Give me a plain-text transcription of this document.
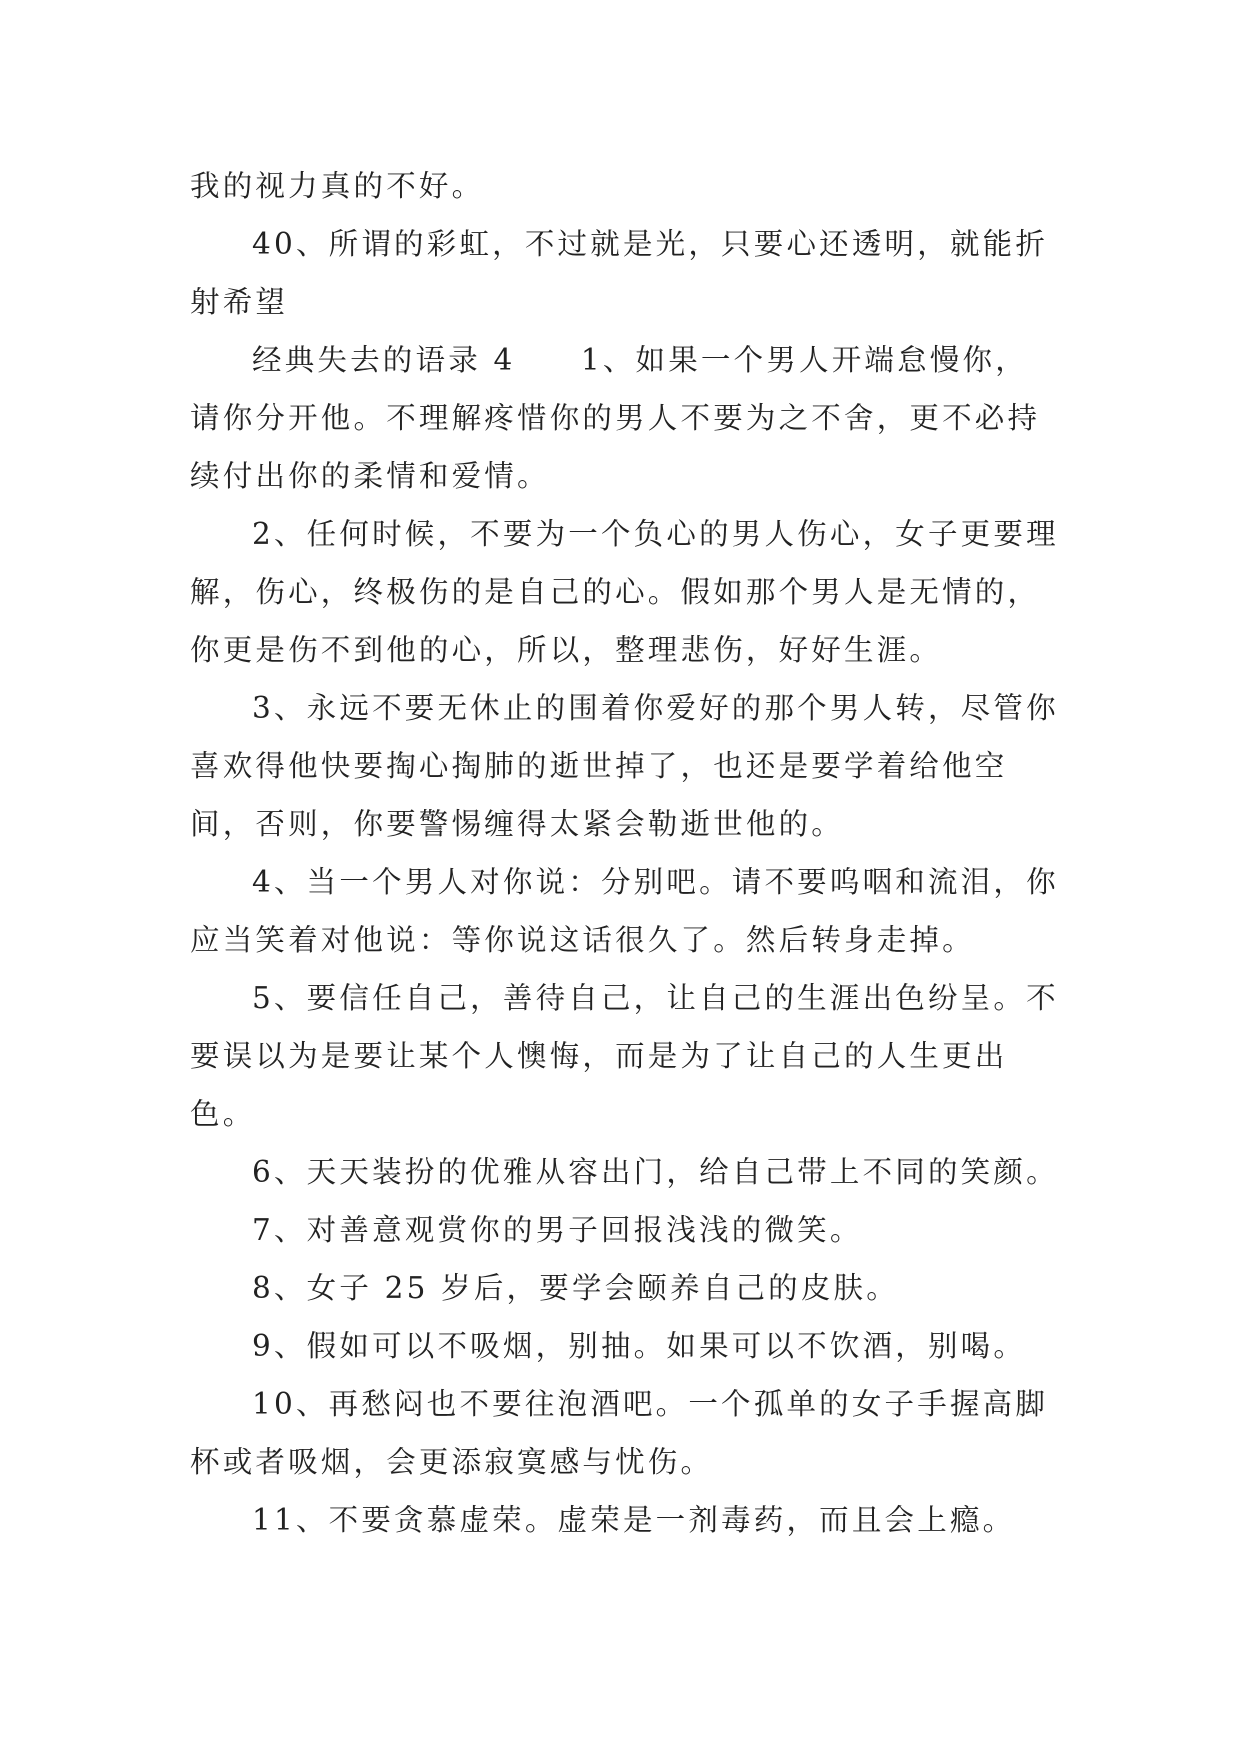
我的视力真的不好。

40、所谓的彩虹，不过就是光，只要心还透明，就能折射希望

经典失去的语录 4　　1、如果一个男人开端怠慢你，请你分开他。不理解疼惜你的男人不要为之不舍，更不必持续付出你的柔情和爱情。

2、任何时候，不要为一个负心的男人伤心，女子更要理解，伤心，终极伤的是自己的心。假如那个男人是无情的，你更是伤不到他的心，所以，整理悲伤，好好生涯。

3、永远不要无休止的围着你爱好的那个男人转，尽管你喜欢得他快要掏心掏肺的逝世掉了，也还是要学着给他空间，否则，你要警惕缠得太紧会勒逝世他的。

4、当一个男人对你说：分别吧。请不要呜咽和流泪，你应当笑着对他说：等你说这话很久了。然后转身走掉。

5、要信任自己，善待自己，让自己的生涯出色纷呈。不要误以为是要让某个人懊悔，而是为了让自己的人生更出色。

6、天天装扮的优雅从容出门，给自己带上不同的笑颜。

7、对善意观赏你的男子回报浅浅的微笑。

8、女子 25 岁后，要学会颐养自己的皮肤。

9、假如可以不吸烟，别抽。如果可以不饮酒，别喝。

10、再愁闷也不要往泡酒吧。一个孤单的女子手握高脚杯或者吸烟，会更添寂寞感与忧伤。

11、不要贪慕虚荣。虚荣是一剂毒药，而且会上瘾。
